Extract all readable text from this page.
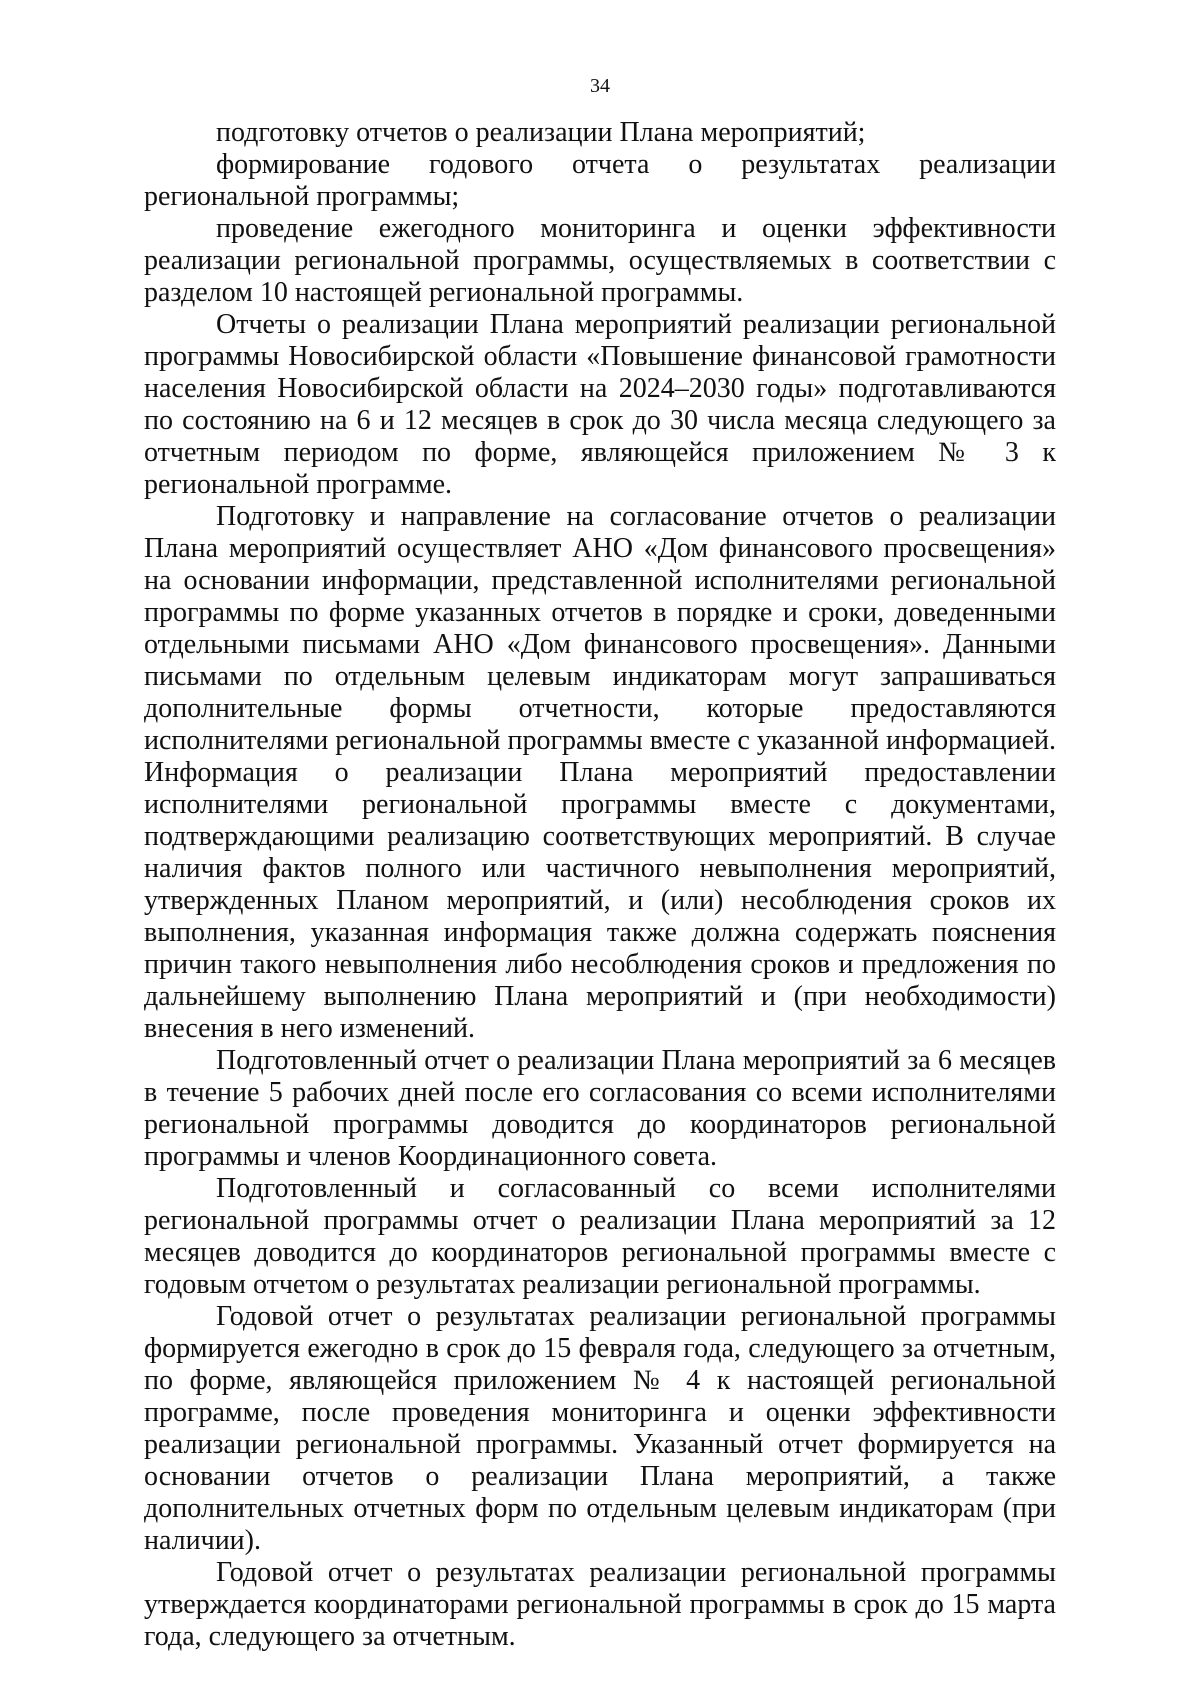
34

подготовку отчетов о реализации Плана мероприятий;

формирование годового отчета о результатах реализации региональной программы;

проведение ежегодного мониторинга и оценки эффективности реализации региональной программы, осуществляемых в соответствии с разделом 10 настоящей региональной программы.

Отчеты о реализации Плана мероприятий реализации региональной программы Новосибирской области «Повышение финансовой грамотности населения Новосибирской области на 2024–2030 годы» подготавливаются по состоянию на 6 и 12 месяцев в срок до 30 числа месяца следующего за отчетным периодом по форме, являющейся приложением № 3 к региональной программе.

Подготовку и направление на согласование отчетов о реализации Плана мероприятий осуществляет АНО «Дом финансового просвещения» на основании информации, представленной исполнителями региональной программы по форме указанных отчетов в порядке и сроки, доведенными отдельными письмами АНО «Дом финансового просвещения». Данными письмами по отдельным целевым индикаторам могут запрашиваться дополнительные формы отчетности, которые предоставляются исполнителями региональной программы вместе с указанной информацией. Информация о реализации Плана мероприятий предоставлении исполнителями региональной программы вместе с документами, подтверждающими реализацию соответствующих мероприятий. В случае наличия фактов полного или частичного невыполнения мероприятий, утвержденных Планом мероприятий, и (или) несоблюдения сроков их выполнения, указанная информация также должна содержать пояснения причин такого невыполнения либо несоблюдения сроков и предложения по дальнейшему выполнению Плана мероприятий и (при необходимости) внесения в него изменений.

Подготовленный отчет о реализации Плана мероприятий за 6 месяцев в течение 5 рабочих дней после его согласования со всеми исполнителями региональной программы доводится до координаторов региональной программы и членов Координационного совета.

Подготовленный и согласованный со всеми исполнителями региональной программы отчет о реализации Плана мероприятий за 12 месяцев доводится до координаторов региональной программы вместе с годовым отчетом о результатах реализации региональной программы.

Годовой отчет о результатах реализации региональной программы формируется ежегодно в срок до 15 февраля года, следующего за отчетным, по форме, являющейся приложением № 4 к настоящей региональной программе, после проведения мониторинга и оценки эффективности реализации региональной программы. Указанный отчет формируется на основании отчетов о реализации Плана мероприятий, а также дополнительных отчетных форм по отдельным целевым индикаторам (при наличии).

Годовой отчет о результатах реализации региональной программы утверждается координаторами региональной программы в срок до 15 марта года, следующего за отчетным.
